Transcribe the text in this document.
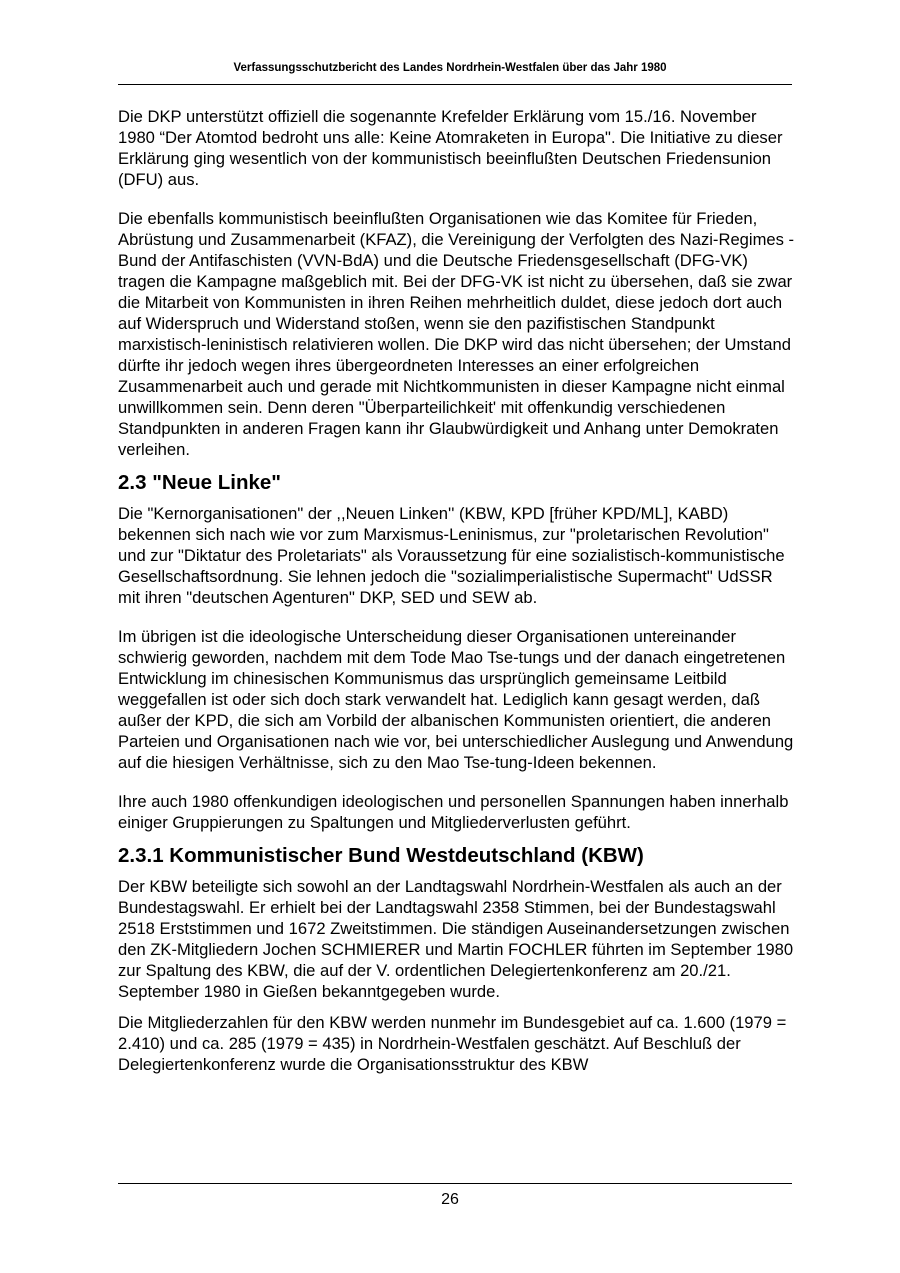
Verfassungsschutzbericht des Landes Nordrhein-Westfalen über das Jahr 1980

Die DKP unterstützt offiziell die sogenannte Krefelder Erklärung vom 15./16. November 1980 “Der Atomtod bedroht uns alle: Keine Atomraketen in Europa". Die Initiative zu dieser Erklärung ging wesentlich von der kommunistisch beeinflußten Deutschen Friedensunion (DFU) aus.

Die ebenfalls kommunistisch beeinflußten Organisationen wie das Komitee für Frieden, Abrüstung und Zusammenarbeit (KFAZ), die Vereinigung der Verfolgten des Nazi-Regimes - Bund der Antifaschisten (VVN-BdA) und die Deutsche Friedensgesellschaft (DFG-VK) tragen die Kampagne maßgeblich mit. Bei der DFG-VK ist nicht zu übersehen, daß sie zwar die Mitarbeit von Kommunisten in ihren Reihen mehrheitlich duldet, diese jedoch dort auch auf Widerspruch und Widerstand stoßen, wenn sie den pazifistischen Standpunkt marxistisch-leninistisch relativieren wollen. Die DKP wird das nicht übersehen; der Umstand dürfte ihr jedoch wegen ihres übergeordneten Interesses an einer erfolgreichen Zusammenarbeit auch und gerade mit Nichtkommunisten in dieser Kampagne nicht einmal unwillkommen sein. Denn deren "Überparteilichkeit' mit offenkundig verschiedenen Standpunkten in anderen Fragen kann ihr Glaubwürdigkeit und Anhang unter Demokraten verleihen.

2.3 "Neue Linke"

Die "Kernorganisationen" der ,,Neuen Linken'' (KBW, KPD [früher KPD/ML], KABD) bekennen sich nach wie vor zum Marxismus-Leninismus, zur "proletarischen Revolution" und zur "Diktatur des Proletariats" als Voraussetzung für eine sozialistisch-kommunistische Gesellschaftsordnung. Sie lehnen jedoch die "sozialimperialistische Supermacht" UdSSR mit ihren "deutschen Agenturen" DKP, SED und SEW ab.

Im übrigen ist die ideologische Unterscheidung dieser Organisationen untereinander schwierig geworden, nachdem mit dem Tode Mao Tse-tungs und der danach eingetretenen Entwicklung im chinesischen Kommunismus das ursprünglich gemeinsame Leitbild weggefallen ist oder sich doch stark verwandelt hat. Lediglich kann gesagt werden, daß außer der KPD, die sich am Vorbild der albanischen Kommunisten orientiert, die anderen Parteien und Organisationen nach wie vor, bei unterschiedlicher Auslegung und Anwendung auf die hiesigen Verhältnisse, sich zu den Mao Tse-tung-Ideen bekennen.

Ihre auch 1980 offenkundigen ideologischen und personellen Spannungen haben innerhalb einiger Gruppierungen zu Spaltungen und Mitgliederverlusten geführt.

2.3.1 Kommunistischer Bund Westdeutschland (KBW)

Der KBW beteiligte sich sowohl an der Landtagswahl Nordrhein-Westfalen als auch an der Bundestagswahl. Er erhielt bei der Landtagswahl 2358 Stimmen, bei der Bundestagswahl 2518 Erststimmen und 1672 Zweitstimmen. Die ständigen Auseinandersetzungen zwischen den ZK-Mitgliedern Jochen SCHMIERER und Martin FOCHLER führten im September 1980 zur Spaltung des KBW, die auf der V. ordentlichen Delegiertenkonferenz am 20./21. September 1980 in Gießen bekanntgegeben wurde.

Die Mitgliederzahlen für den KBW werden nunmehr im Bundesgebiet auf ca. 1.600 (1979 = 2.410) und ca. 285 (1979 = 435) in Nordrhein-Westfalen geschätzt. Auf Beschluß der Delegiertenkonferenz wurde die Organisationsstruktur des KBW

26
